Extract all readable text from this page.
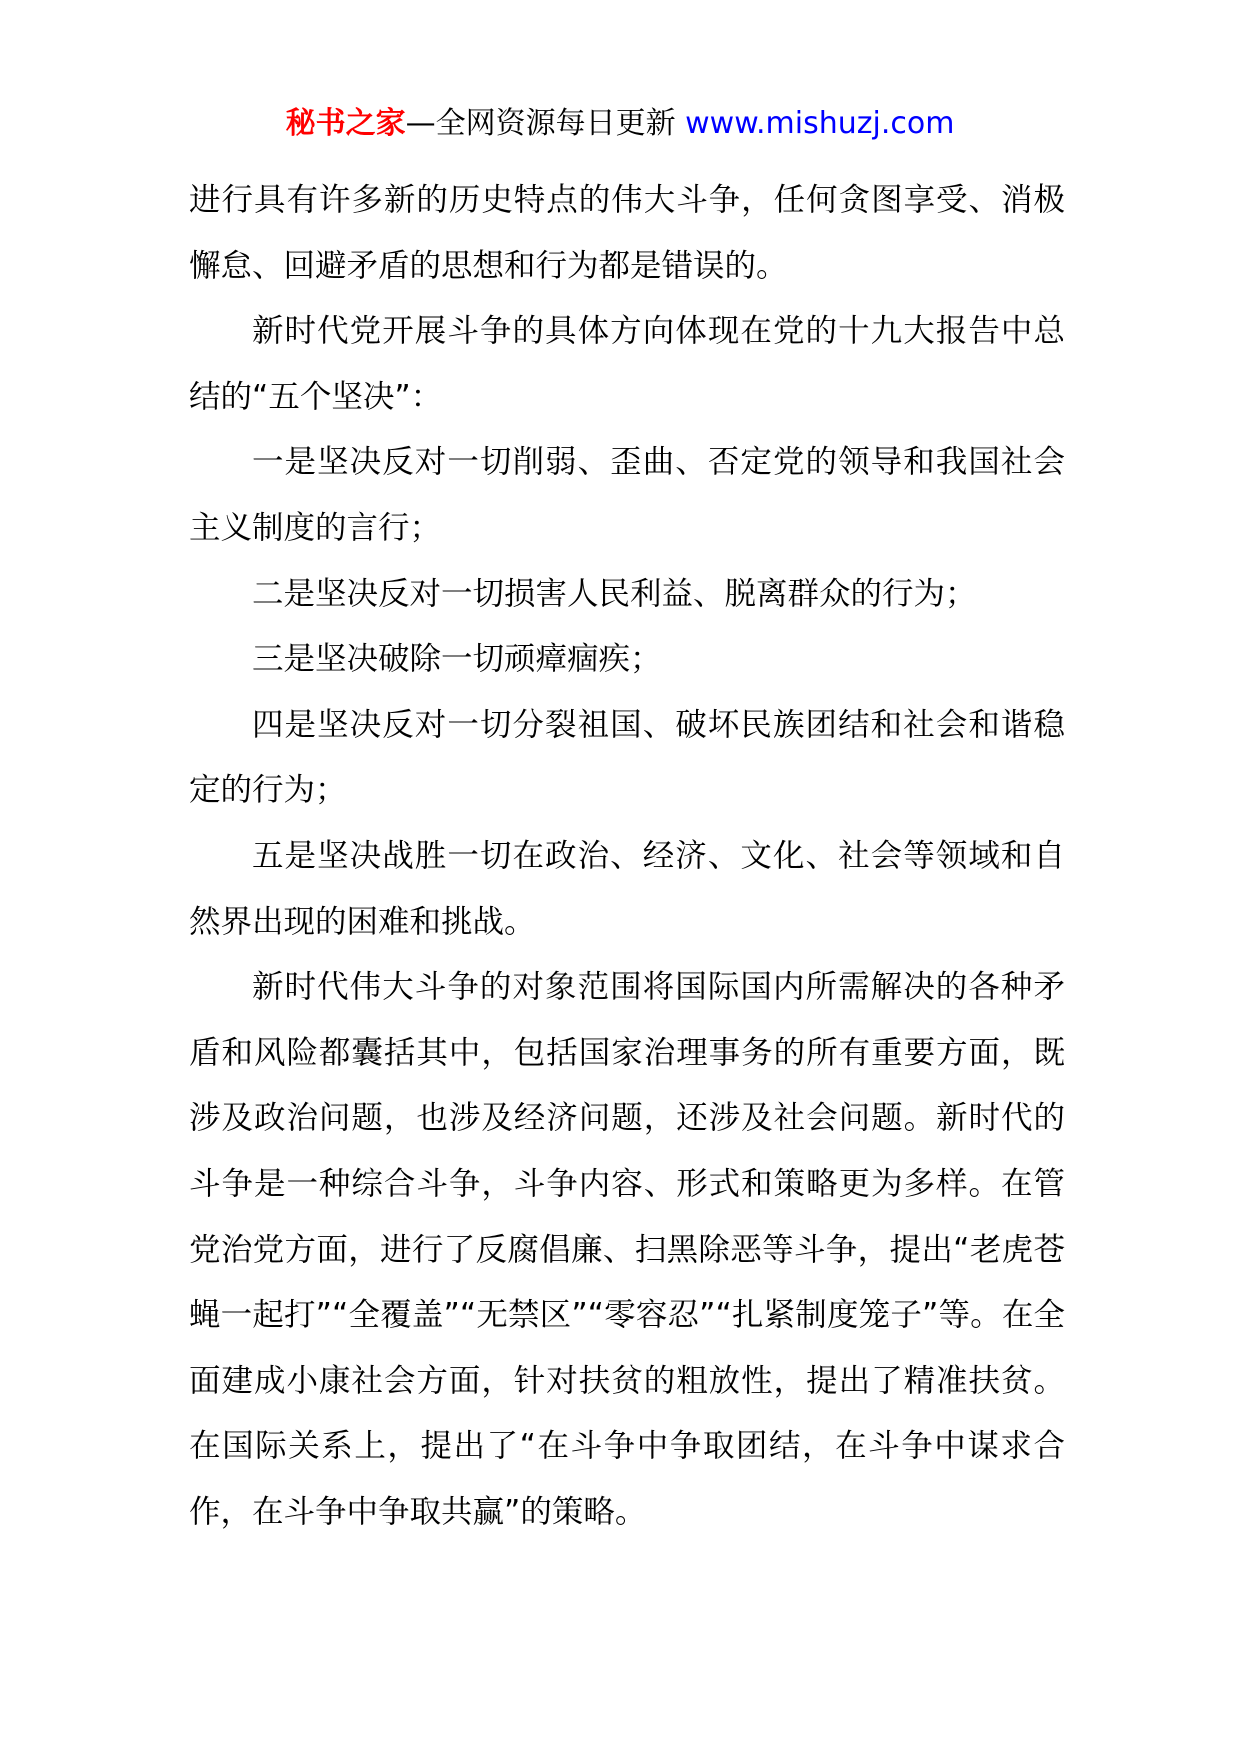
秘书之家—全网资源每日更新 www.mishuzj.com

进行具有许多新的历史特点的伟大斗争，任何贪图享受、消极懈怠、回避矛盾的思想和行为都是错误的。

新时代党开展斗争的具体方向体现在党的十九大报告中总结的“五个坚决”：

一是坚决反对一切削弱、歪曲、否定党的领导和我国社会主义制度的言行；

二是坚决反对一切损害人民利益、脱离群众的行为；

三是坚决破除一切顽瘴痼疾；

四是坚决反对一切分裂祖国、破坏民族团结和社会和谐稳定的行为；

五是坚决战胜一切在政治、经济、文化、社会等领域和自然界出现的困难和挑战。

新时代伟大斗争的对象范围将国际国内所需解决的各种矛盾和风险都囊括其中，包括国家治理事务的所有重要方面，既涉及政治问题，也涉及经济问题，还涉及社会问题。新时代的斗争是一种综合斗争，斗争内容、形式和策略更为多样。在管党治党方面，进行了反腐倡廉、扫黑除恶等斗争，提出“老虎苍蝇一起打”“全覆盖”“无禁区”“零容忍”“扎紧制度笼子”等。在全面建成小康社会方面，针对扶贫的粗放性，提出了精准扶贫。在国际关系上，提出了“在斗争中争取团结，在斗争中谋求合作，在斗争中争取共赢”的策略。
